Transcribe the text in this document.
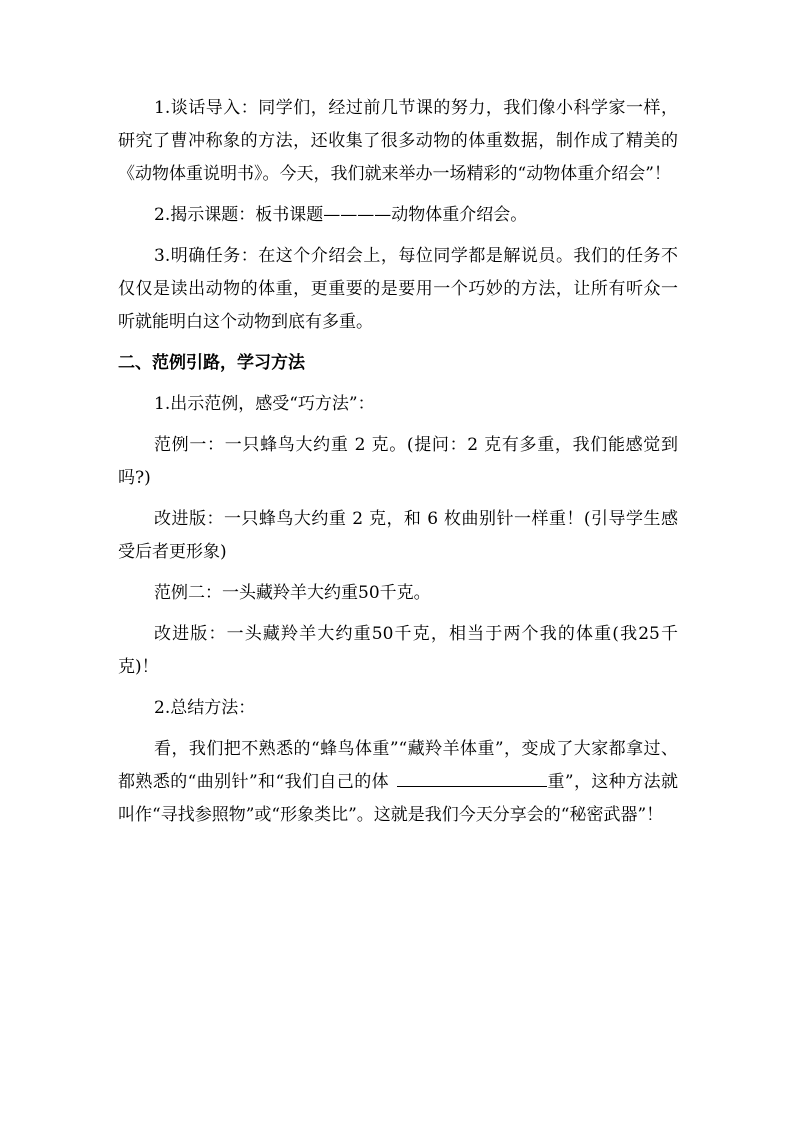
1.谈话导入：同学们，经过前几节课的努力，我们像小科学家一样，研究了曹冲称象的方法，还收集了很多动物的体重数据，制作成了精美的《动物体重说明书》。今天，我们就来举办一场精彩的“动物体重介绍会”！

2.揭示课题：板书课题————动物体重介绍会。

3.明确任务：在这个介绍会上，每位同学都是解说员。我们的任务不仅仅是读出动物的体重，更重要的是要用一个巧妙的方法，让所有听众一听就能明白这个动物到底有多重。

二、范例引路，学习方法

1.出示范例，感受“巧方法”：

范例一：一只蜂鸟大约重 2 克。(提问：2 克有多重，我们能感觉到吗?)

改进版：一只蜂鸟大约重 2 克，和 6 枚曲别针一样重！(引导学生感受后者更形象)

范例二：一头藏羚羊大约重50千克。

改进版：一头藏羚羊大约重50千克，相当于两个我的体重(我25千克)！

2.总结方法：

看，我们把不熟悉的“蜂鸟体重”“藏羚羊体重”，变成了大家都拿过、都熟悉的“曲别针”和“我们自己的体	重”，这种方法就叫作“寻找参照物”或“形象类比”。这就是我们今天分享会的“秘密武器”！
